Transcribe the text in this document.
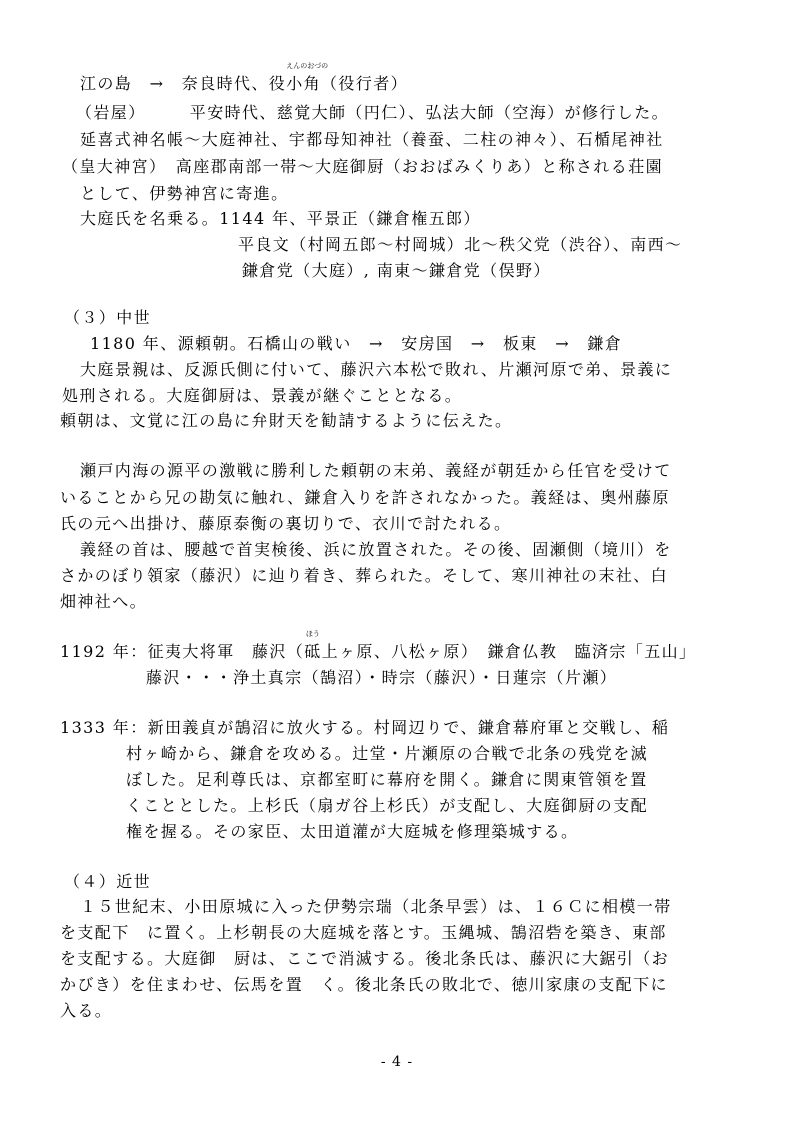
江の島　→　奈良時代、役
えんのおづの
小角（役行者）
（岩屋）　　　平安時代、慈覚大師（円仁）、弘法大師（空海）が修行した。
延喜式神名帳～大庭神社、宇都母知神社（養蚕、二柱の神々）、石楯尾神社
（皇大神宮）　高座郡南部一帯～大庭御厨（おおばみくりあ）と称される荘園
として、伊勢神宮に寄進。
大庭氏を名乗る。1144 年、平景正（鎌倉権五郎）
平良文（村岡五郎～村岡城）北～秩父党（渋谷）、南西～
鎌倉党（大庭）, 南東～鎌倉党（俣野）
（３）中世
1180 年、源頼朝。石橋山の戦い　→　安房国　→　板東　→　鎌倉
大庭景親は、反源氏側に付いて、藤沢六本松で敗れ、片瀬河原で弟、景義に
処刑される。大庭御厨は、景義が継ぐこととなる。
頼朝は、文覚に江の島に弁財天を勧請するように伝えた。
瀬戸内海の源平の激戦に勝利した頼朝の末弟、義経が朝廷から任官を受けて
いることから兄の勘気に触れ、鎌倉入りを許されなかった。義経は、奥州藤原
氏の元へ出掛け、藤原泰衡の裏切りで、衣川で討たれる。
義経の首は、腰越で首実検後、浜に放置された。その後、固瀬側（境川）を
さかのぼり領家（藤沢）に辿り着き、葬られた。そして、寒川神社の末社、白
畑神社へ。
1192 年：征夷大将軍　藤沢（
ほう
砥上ヶ原、八松ヶ原）　鎌倉仏教　臨済宗「五山」
藤沢・・・浄土真宗（鵠沼）・時宗（藤沢）・日蓮宗（片瀬）
1333 年：新田義貞が鵠沼に放火する。村岡辺りで、鎌倉幕府軍と交戦し、稲
村ヶ崎から、鎌倉を攻める。辻堂・片瀬原の合戦で北条の残党を滅
ぼした。足利尊氏は、京都室町に幕府を開く。鎌倉に関東管領を置
くこととした。上杉氏（扇ガ谷上杉氏）が支配し、大庭御厨の支配
権を握る。その家臣、太田道灌が大庭城を修理築城する。
（４）近世
１５世紀末、小田原城に入った伊勢宗瑞（北条早雲）は、１６Ｃに相模一帯
を支配下　に置く。上杉朝長の大庭城を落とす。玉縄城、鵠沼砦を築き、東部
を支配する。大庭御　厨は、ここで消滅する。後北条氏は、藤沢に大鋸引（お
かびき）を住まわせ、伝馬を置　く。後北条氏の敗北で、徳川家康の支配下に
入る。
- 4 -
